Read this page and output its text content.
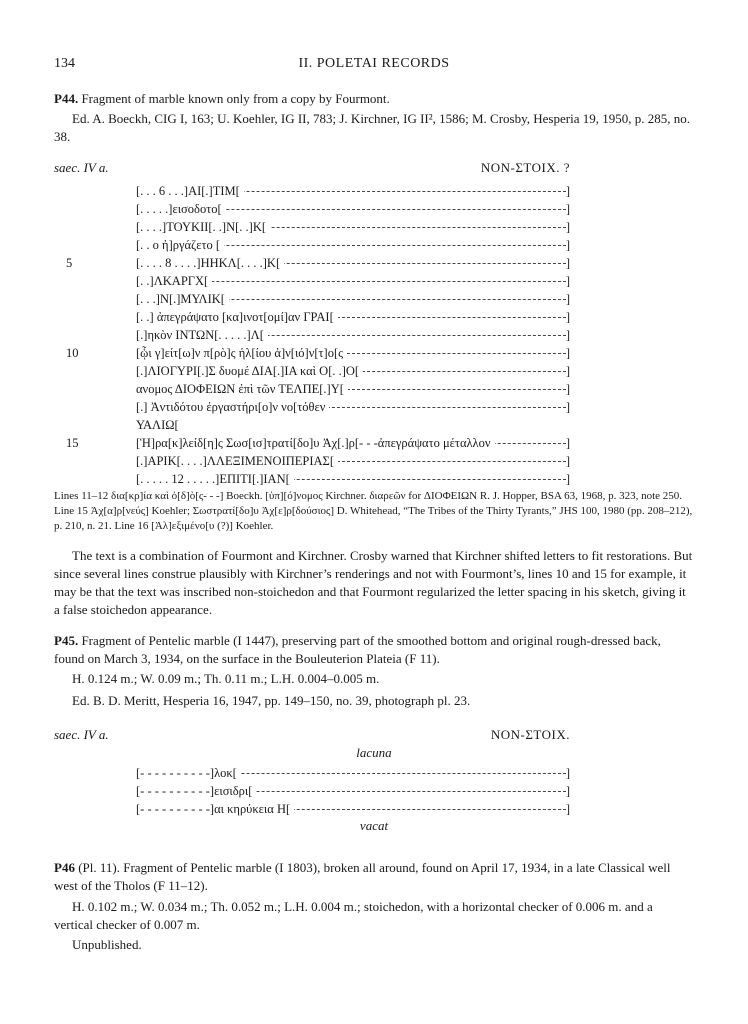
134	II. POLETAI RECORDS

P44. Fragment of marble known only from a copy by Fourmont.

Ed. A. Boeckh, CIG I, 163; U. Koehler, IG II, 783; J. Kirchner, IG II², 1586; M. Crosby, Hesperia 19, 1950, p. 285, no. 38.

saec. IV a.	NON-ΣΤΟΙΧ. ?
[. . . 6 . . .]ΑΙ[.]ΤΙΜ[	]
[. . . . .]εισοδοτο[	]
[. . . .]ΤΟΥΚΙΙ[. .]Ν[. .]Κ[	]
[. . ο ἠ]ργάζετο [	]
5	[. . . . 8 . . . .]ΗΗΚΛ[. . . .]Κ[	]
[. .]ΛΚΑΡΓΧ[	]
[. . .]Ν[.]ΜΥΛΙΚ[	]
[. .] ἀπεγράψατο [κα]ινοτ[ομί]αν ΓΡΑΙ[	]
[.]ηκὸν ΙΝΤΩΝ[. . . . .]Λ[	]
10	[ᾧι γ]είτ[ω]ν π[ρὸ]ς ἡλ[ίου ἀ]ν[ιό]ν[τ]ο[ς	]
[.]ΛΙΟΓΥΡΙ[.]Σ δυομέ ΔΙΑ[.]ΙΑ καὶ Ο[. .]Ο[	]
ανομος ΔΙΟΦΕΙΩΝ ἐπὶ τῶν ΤΕΛΠΕ[.]Υ[	]
[.] Ἀντιδότου ἐργαστήρι[ο]ν νο[τόθεν	]
ΥΑΛΙΩ[
15	[Ἡ]ρα[κ]λείδ[η]ς Σωσ[ισ]τρατί[δο]υ Ἀχ[.]ρ[- - -ἀπεγράψατο μέταλλον	]
[.]ΑΡΙΚ[. . . .]ΛΛΕΞΙΜΕΝΟΙΠΕΡΙΑΣ[	]
[. . . . . 12 . . . . .]ΕΠΙΤΙ[.]ΙΑΝ[	]

Lines 11–12 δια[κρ]ία καὶ ὁ[δ]ὸ[ς- - -] Boeckh. [ὑπ][ό]νομος Kirchner. διαρεῶν for ΔΙΟΦΕΙΩΝ R. J. Hopper, BSA 63, 1968, p. 323, note 250. Line 15 Ἀχ[α]ρ[νεύς] Koehler; Σωστρατί[δο]υ Ἀχ[ε]ρ[δούσιος] D. Whitehead, “The Tribes of the Thirty Tyrants,” JHS 100, 1980 (pp. 208–212), p. 210, n. 21. Line 16 [Ἀλ]εξιμένο[υ (?)] Koehler.

The text is a combination of Fourmont and Kirchner. Crosby warned that Kirchner shifted letters to fit restorations. But since several lines construe plausibly with Kirchner’s renderings and not with Fourmont’s, lines 10 and 15 for example, it may be that the text was inscribed non-stoichedon and that Fourmont regularized the letter spacing in his sketch, giving it a false stoichedon appearance.

P45. Fragment of Pentelic marble (I 1447), preserving part of the smoothed bottom and original rough-dressed back, found on March 3, 1934, on the surface in the Bouleuterion Plateia (F 11).

H. 0.124 m.; W. 0.09 m.; Th. 0.11 m.; L.H. 0.004–0.005 m.

Ed. B. D. Meritt, Hesperia 16, 1947, pp. 149–150, no. 39, photograph pl. 23.

saec. IV a.	NON-ΣΤΟΙΧ.
lacuna
[- - - - - - - - - -]λοκ[	]
[- - - - - - - - - -]εισιδρι[	]
[- - - - - - - - - -]αι κηρύκεια Η[	]
vacat

P46 (Pl. 11). Fragment of Pentelic marble (I 1803), broken all around, found on April 17, 1934, in a late Classical well west of the Tholos (F 11–12).

H. 0.102 m.; W. 0.034 m.; Th. 0.052 m.; L.H. 0.004 m.; stoichedon, with a horizontal checker of 0.006 m. and a vertical checker of 0.007 m.

Unpublished.
